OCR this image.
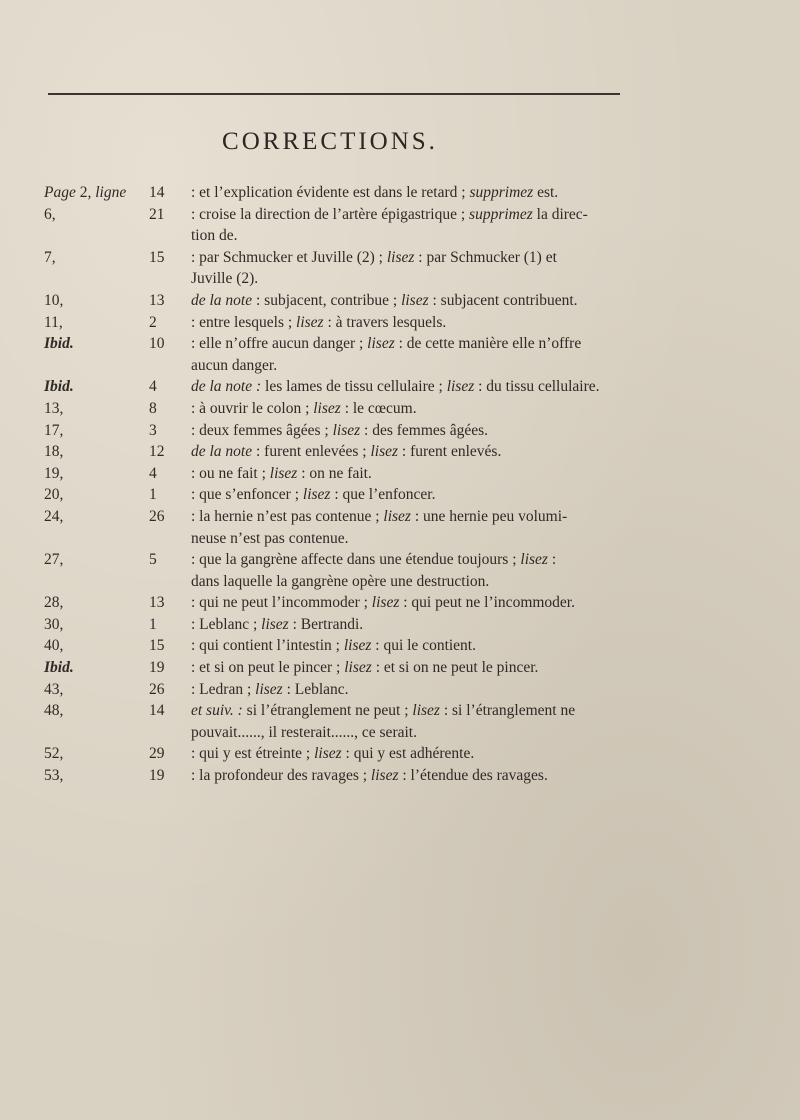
CORRECTIONS.
Page 2, ligne	14	: et l’explication évidente est dans le retard ; supprimez est.
6,	21	: croise la direction de l’artère épigastrique ; supprimez la direc-
tion de.
7,	15	: par Schmucker et Juville (2) ; lisez : par Schmucker (1) et
Juville (2).
10,	13	de la note : subjacent, contribue ; lisez : subjacent contribuent.
11,	2	: entre lesquels ; lisez : à travers lesquels.
Ibid.	10	: elle n’offre aucun danger ; lisez : de cette manière elle n’offre
aucun danger.
Ibid.	4	de la note : les lames de tissu cellulaire ; lisez : du tissu cellulaire.
13,	8	: à ouvrir le colon ; lisez : le cœcum.
17,	3	: deux femmes âgées ; lisez : des femmes âgées.
18,	12	de la note : furent enlevées ; lisez : furent enlevés.
19,	4	: ou ne fait ; lisez : on ne fait.
20,	1	: que s’enfoncer ; lisez : que l’enfoncer.
24,	26	: la hernie n’est pas contenue ; lisez : une hernie peu volumi-
neuse n’est pas contenue.
27,	5	: que la gangrène affecte dans une étendue toujours ; lisez :
dans laquelle la gangrène opère une destruction.
28,	13	: qui ne peut l’incommoder ; lisez : qui peut ne l’incommoder.
30,	1	: Leblanc ; lisez : Bertrandi.
40,	15	: qui contient l’intestin ; lisez : qui le contient.
Ibid.	19	: et si on peut le pincer ; lisez : et si on ne peut le pincer.
43,	26	: Ledran ; lisez : Leblanc.
48,	14	et suiv. : si l’étranglement ne peut ; lisez : si l’étranglement ne
pouvait......, il resterait......, ce serait.
52,	29	: qui y est étreinte ; lisez : qui y est adhérente.
53,	19	: la profondeur des ravages ; lisez : l’étendue des ravages.
